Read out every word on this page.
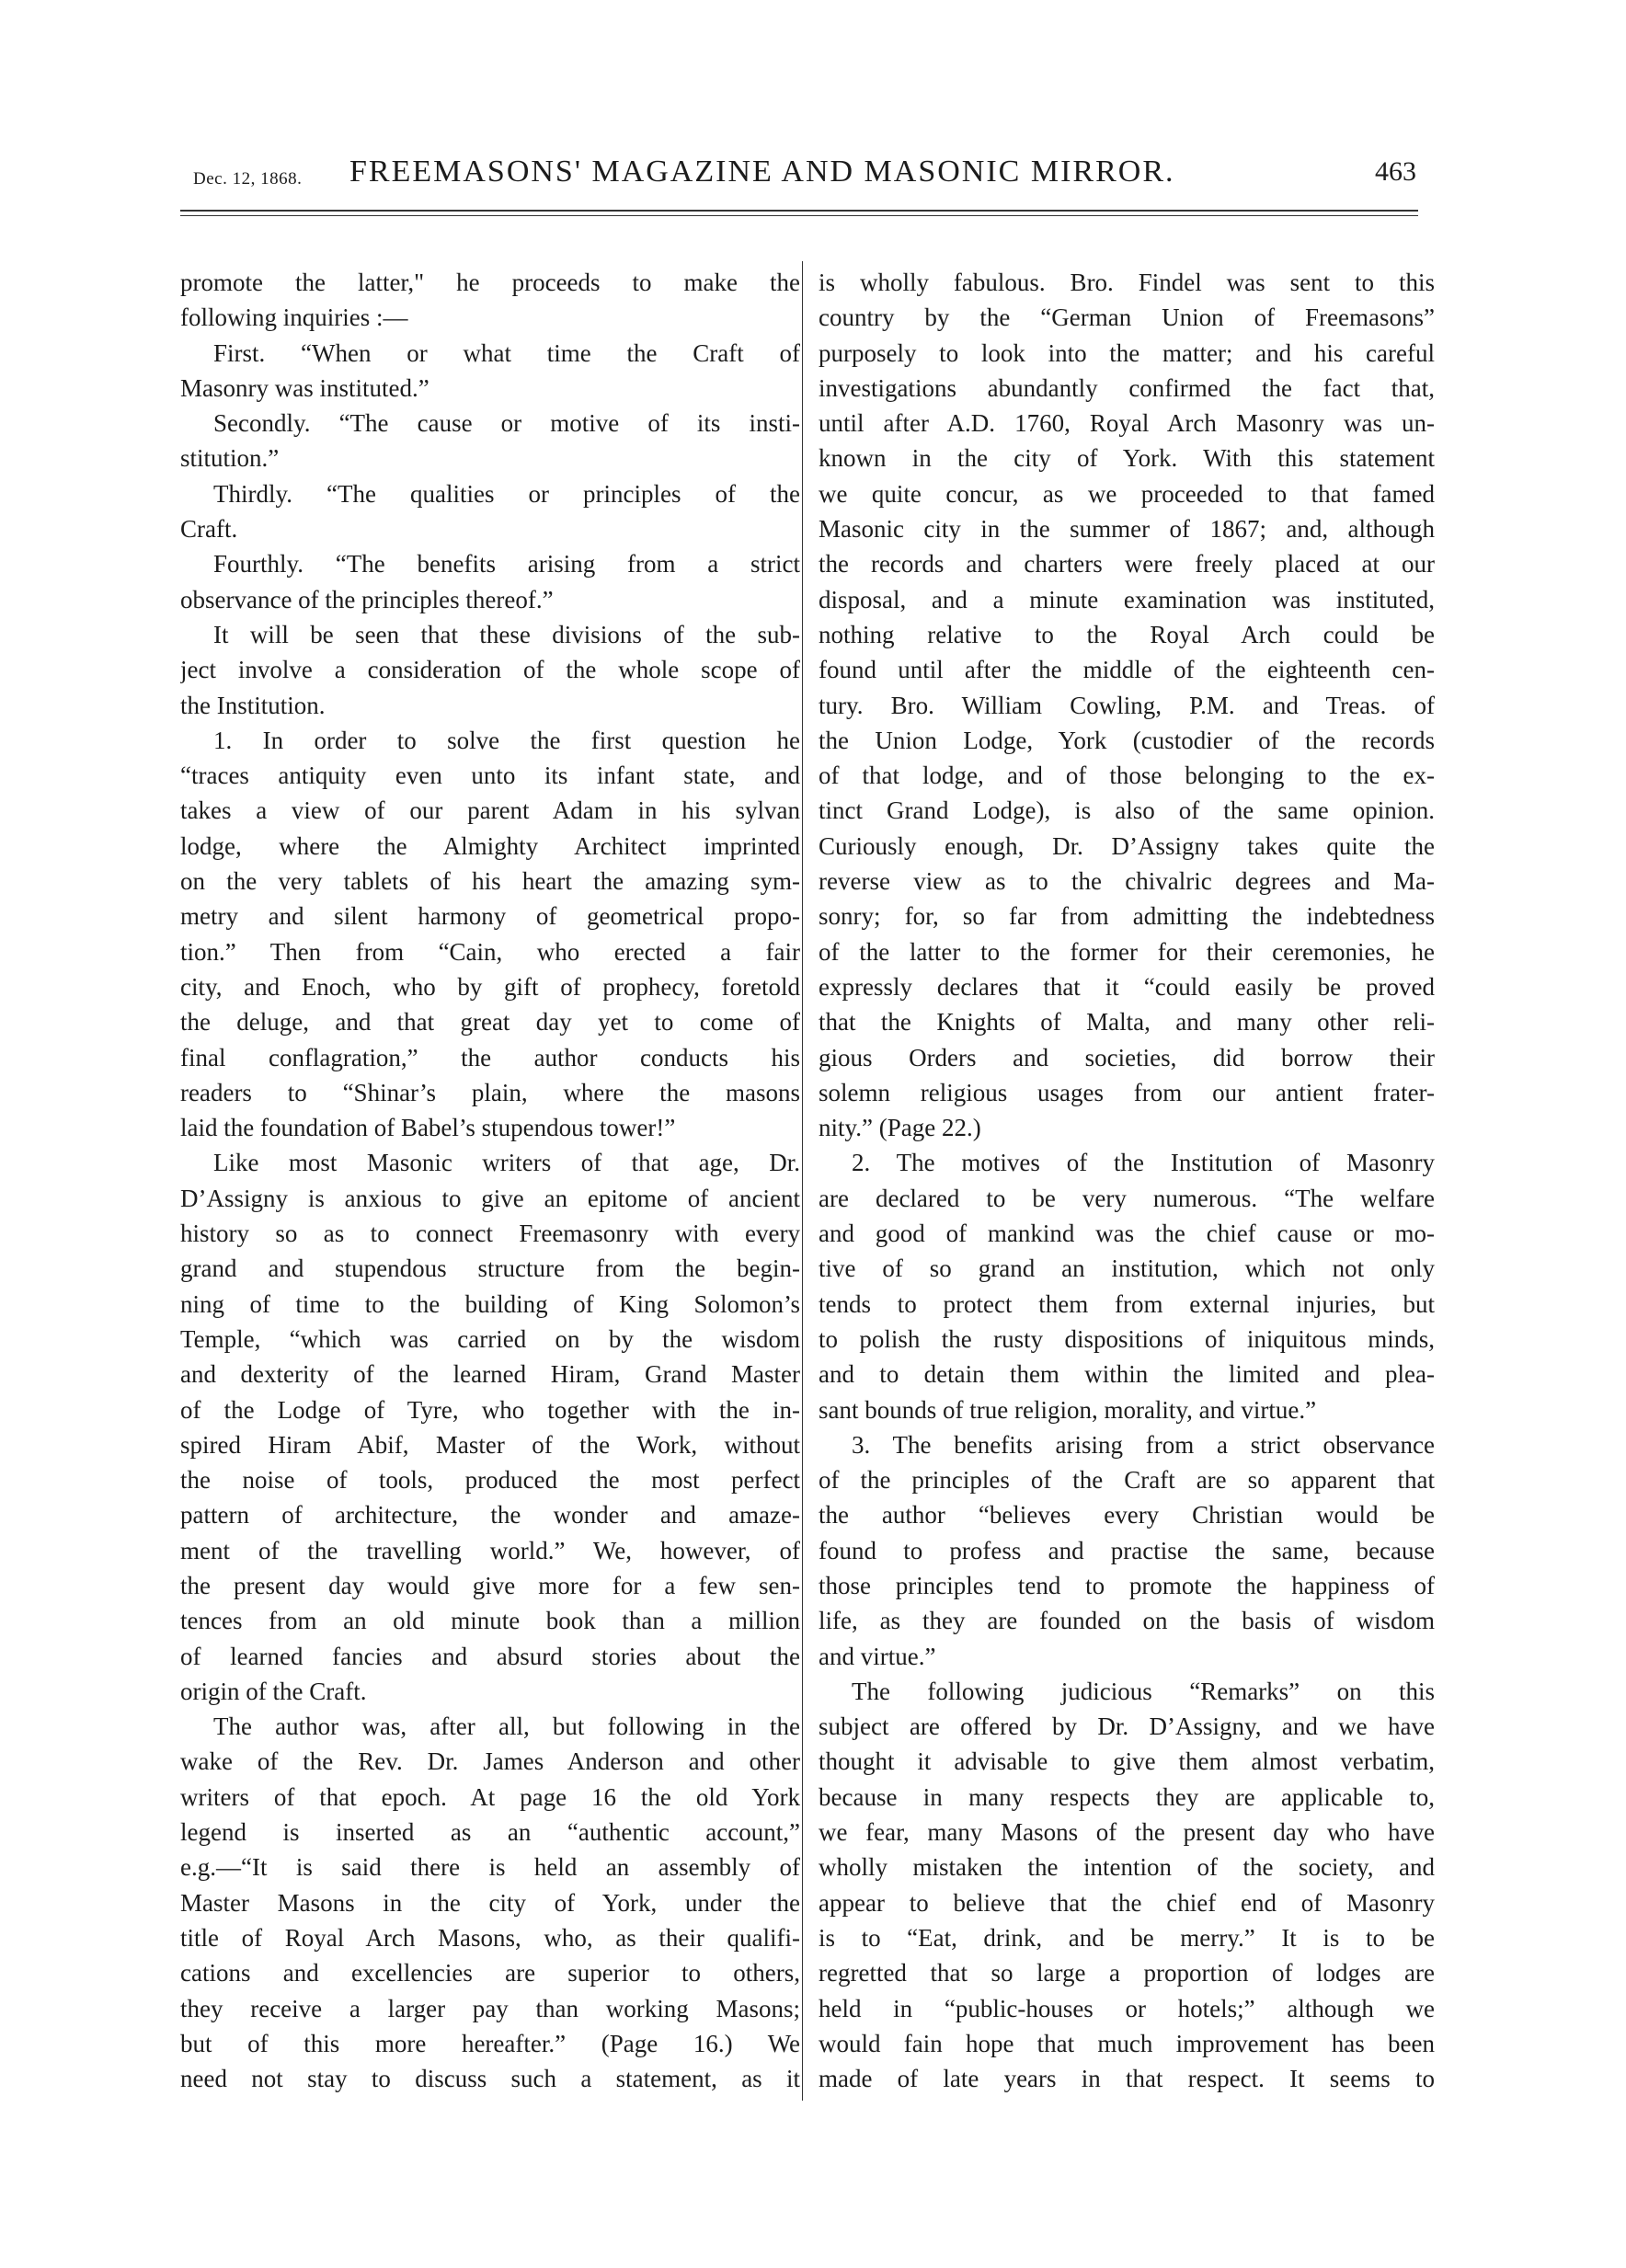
Dec. 12, 1868. FREEMASONS' MAGAZINE AND MASONIC MIRROR.	463
promote the latter," he proceeds to make the
following inquiries :—
First. “When or what time the Craft of
Masonry was instituted.”
Secondly. “The cause or motive of its insti-
stitution.”
Thirdly. “The qualities or principles of the
Craft.
Fourthly. “The benefits arising from a strict
observance of the principles thereof.”
It will be seen that these divisions of the sub-
ject involve a consideration of the whole scope of
the Institution.
1. In order to solve the first question he
“traces antiquity even unto its infant state, and
takes a view of our parent Adam in his sylvan
lodge, where the Almighty Architect imprinted
on the very tablets of his heart the amazing sym-
metry and silent harmony of geometrical propo-
tion.” Then from “Cain, who erected a fair
city, and Enoch, who by gift of prophecy, foretold
the deluge, and that great day yet to come of
final conflagration,” the author conducts his
readers to “Shinar’s plain, where the masons
laid the foundation of Babel’s stupendous tower!”
Like most Masonic writers of that age, Dr.
D’Assigny is anxious to give an epitome of ancient
history so as to connect Freemasonry with every
grand and stupendous structure from the begin-
ning of time to the building of King Solomon’s
Temple, “which was carried on by the wisdom
and dexterity of the learned Hiram, Grand Master
of the Lodge of Tyre, who together with the in-
spired Hiram Abif, Master of the Work, without
the noise of tools, produced the most perfect
pattern of architecture, the wonder and amaze-
ment of the travelling world.” We, however, of
the present day would give more for a few sen-
tences from an old minute book than a million
of learned fancies and absurd stories about the
origin of the Craft.
The author was, after all, but following in the
wake of the Rev. Dr. James Anderson and other
writers of that epoch. At page 16 the old York
legend is inserted as an “authentic account,”
e.g.—“It is said there is held an assembly of
Master Masons in the city of York, under the
title of Royal Arch Masons, who, as their qualifi-
cations and excellencies are superior to others,
they receive a larger pay than working Masons;
but of this more hereafter.” (Page 16.) We
need not stay to discuss such a statement, as it
is wholly fabulous. Bro. Findel was sent to this
country by the “German Union of Freemasons”
purposely to look into the matter; and his careful
investigations abundantly confirmed the fact that,
until after A.D. 1760, Royal Arch Masonry was un-
known in the city of York. With this statement
we quite concur, as we proceeded to that famed
Masonic city in the summer of 1867; and, although
the records and charters were freely placed at our
disposal, and a minute examination was instituted,
nothing relative to the Royal Arch could be
found until after the middle of the eighteenth cen-
tury. Bro. William Cowling, P.M. and Treas. of
the Union Lodge, York (custodier of the records
of that lodge, and of those belonging to the ex-
tinct Grand Lodge), is also of the same opinion.
Curiously enough, Dr. D’Assigny takes quite the
reverse view as to the chivalric degrees and Ma-
sonry; for, so far from admitting the indebtedness
of the latter to the former for their ceremonies, he
expressly declares that it “could easily be proved
that the Knights of Malta, and many other reli-
gious Orders and societies, did borrow their
solemn religious usages from our antient frater-
nity.” (Page 22.)
2. The motives of the Institution of Masonry
are declared to be very numerous. “The welfare
and good of mankind was the chief cause or mo-
tive of so grand an institution, which not only
tends to protect them from external injuries, but
to polish the rusty dispositions of iniquitous minds,
and to detain them within the limited and plea-
sant bounds of true religion, morality, and virtue.”
3. The benefits arising from a strict observance
of the principles of the Craft are so apparent that
the author “believes every Christian would be
found to profess and practise the same, because
those principles tend to promote the happiness of
life, as they are founded on the basis of wisdom
and virtue.”
The following judicious “Remarks” on this
subject are offered by Dr. D’Assigny, and we have
thought it advisable to give them almost verbatim,
because in many respects they are applicable to,
we fear, many Masons of the present day who have
wholly mistaken the intention of the society, and
appear to believe that the chief end of Masonry
is to “Eat, drink, and be merry.” It is to be
regretted that so large a proportion of lodges are
held in “public-houses or hotels;” although we
would fain hope that much improvement has been
made of late years in that respect. It seems to
